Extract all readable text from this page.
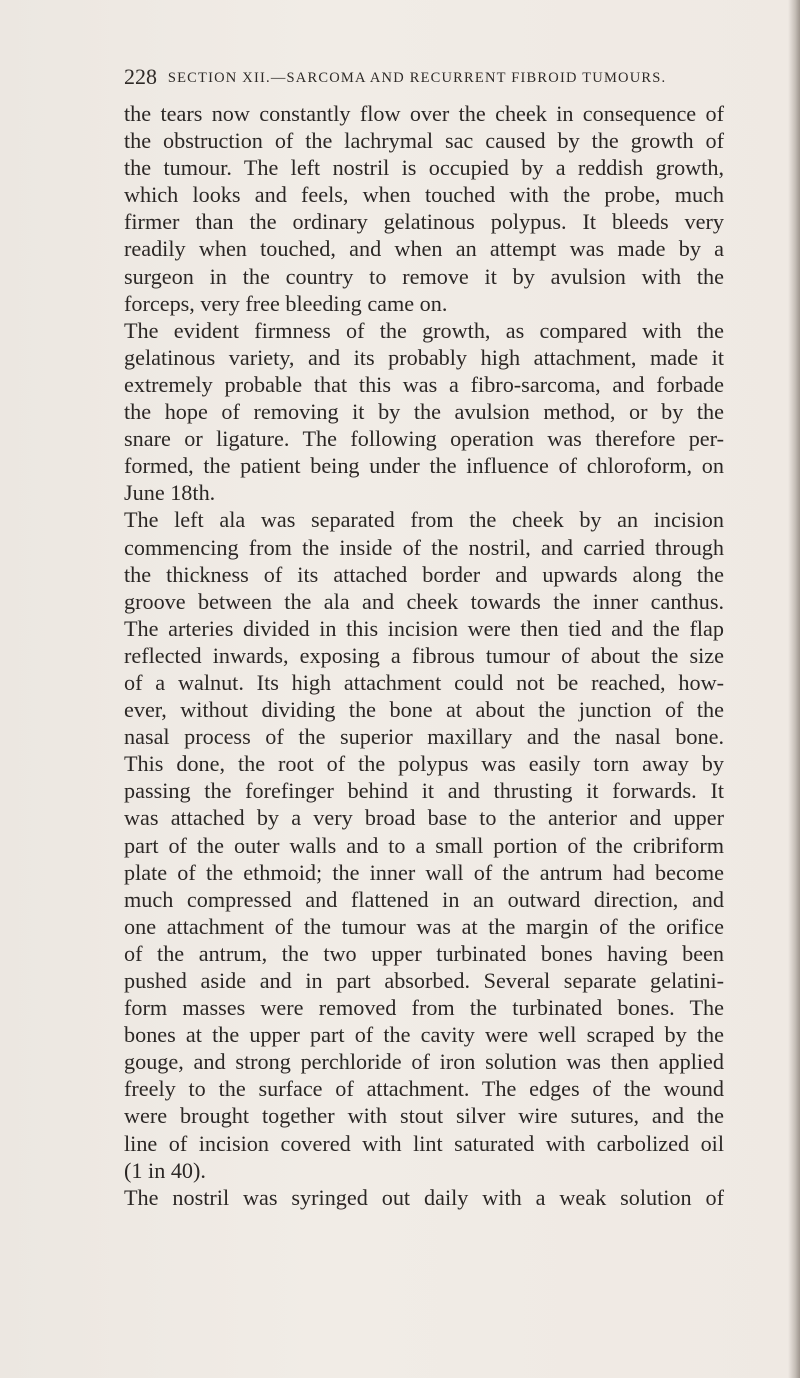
228 SECTION XII.—SARCOMA AND RECURRENT FIBROID TUMOURS.
the tears now constantly flow over the cheek in consequence of
the obstruction of the lachrymal sac caused by the growth of
the tumour. The left nostril is occupied by a reddish growth,
which looks and feels, when touched with the probe, much
firmer than the ordinary gelatinous polypus. It bleeds very
readily when touched, and when an attempt was made by a
surgeon in the country to remove it by avulsion with the
forceps, very free bleeding came on.
The evident firmness of the growth, as compared with the
gelatinous variety, and its probably high attachment, made it
extremely probable that this was a fibro-sarcoma, and forbade
the hope of removing it by the avulsion method, or by the
snare or ligature. The following operation was therefore per-
formed, the patient being under the influence of chloroform, on
June 18th.
The left ala was separated from the cheek by an incision
commencing from the inside of the nostril, and carried through
the thickness of its attached border and upwards along the
groove between the ala and cheek towards the inner canthus.
The arteries divided in this incision were then tied and the flap
reflected inwards, exposing a fibrous tumour of about the size
of a walnut. Its high attachment could not be reached, how-
ever, without dividing the bone at about the junction of the
nasal process of the superior maxillary and the nasal bone.
This done, the root of the polypus was easily torn away by
passing the forefinger behind it and thrusting it forwards. It
was attached by a very broad base to the anterior and upper
part of the outer walls and to a small portion of the cribriform
plate of the ethmoid; the inner wall of the antrum had become
much compressed and flattened in an outward direction, and
one attachment of the tumour was at the margin of the orifice
of the antrum, the two upper turbinated bones having been
pushed aside and in part absorbed. Several separate gelatini-
form masses were removed from the turbinated bones. The
bones at the upper part of the cavity were well scraped by the
gouge, and strong perchloride of iron solution was then applied
freely to the surface of attachment. The edges of the wound
were brought together with stout silver wire sutures, and the
line of incision covered with lint saturated with carbolized oil
(1 in 40).
The nostril was syringed out daily with a weak solution of
